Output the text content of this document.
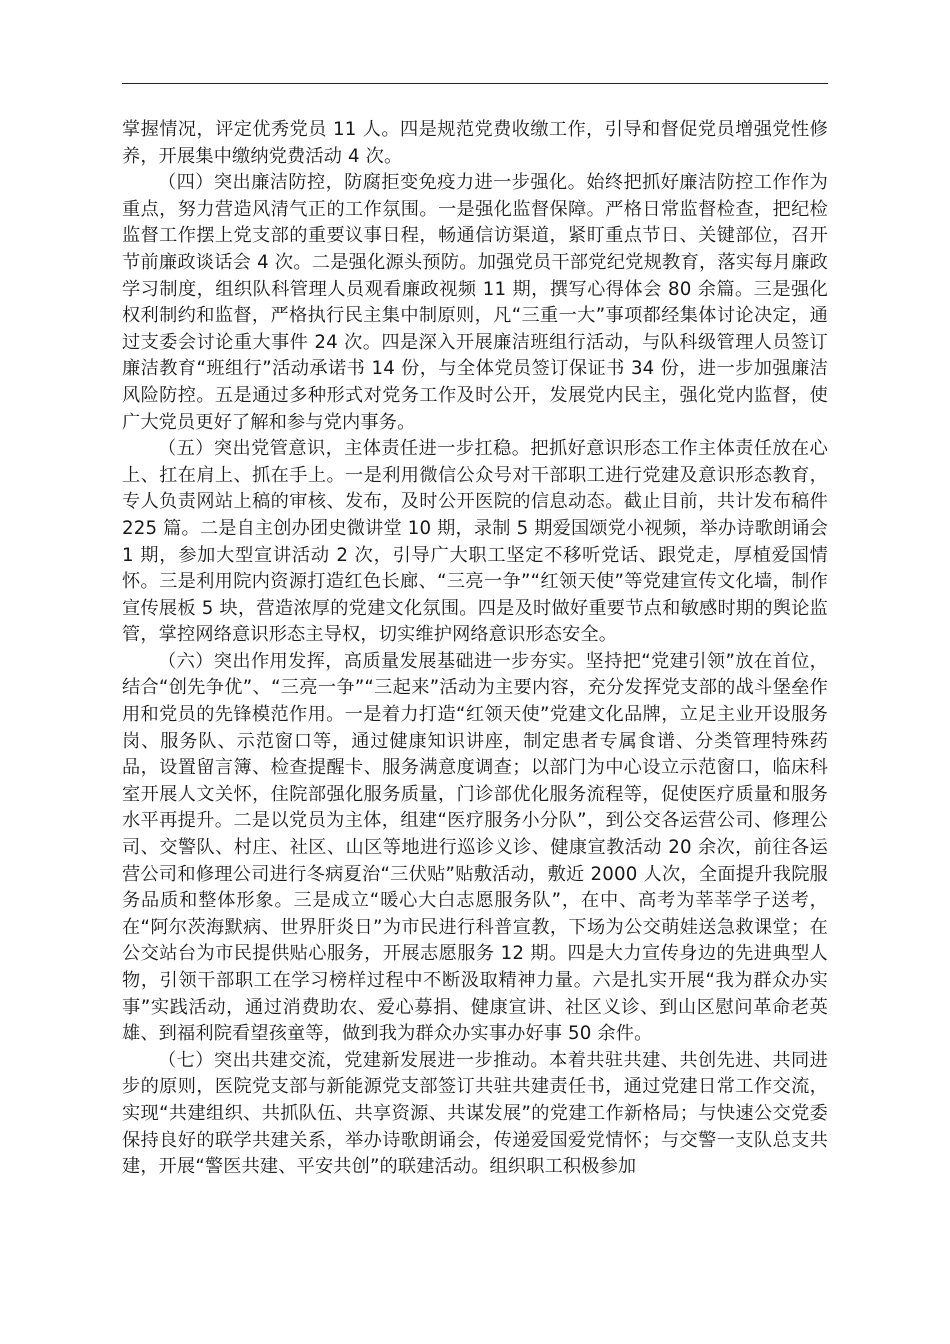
掌握情况，评定优秀党员 11 人。四是规范党费收缴工作，引导和督促党员增强党性修养，开展集中缴纳党费活动 4 次。

（四）突出廉洁防控，防腐拒变免疫力进一步强化。始终把抓好廉洁防控工作作为重点，努力营造风清气正的工作氛围。一是强化监督保障。严格日常监督检查，把纪检监督工作摆上党支部的重要议事日程，畅通信访渠道，紧盯重点节日、关键部位，召开节前廉政谈话会 4 次。二是强化源头预防。加强党员干部党纪党规教育，落实每月廉政学习制度，组织队科管理人员观看廉政视频 11 期，撰写心得体会 80 余篇。三是强化权利制约和监督，严格执行民主集中制原则，凡“三重一大”事项都经集体讨论决定，通过支委会讨论重大事件 24 次。四是深入开展廉洁班组行活动，与队科级管理人员签订廉洁教育“班组行”活动承诺书 14 份，与全体党员签订保证书 34 份，进一步加强廉洁风险防控。五是通过多种形式对党务工作及时公开，发展党内民主，强化党内监督，使广大党员更好了解和参与党内事务。

（五）突出党管意识，主体责任进一步扛稳。把抓好意识形态工作主体责任放在心上、扛在肩上、抓在手上。一是利用微信公众号对干部职工进行党建及意识形态教育，专人负责网站上稿的审核、发布，及时公开医院的信息动态。截止目前，共计发布稿件 225 篇。二是自主创办团史微讲堂 10 期，录制 5 期爱国颂党小视频，举办诗歌朗诵会 1 期，参加大型宣讲活动 2 次，引导广大职工坚定不移听党话、跟党走，厚植爱国情怀。三是利用院内资源打造红色长廊、“三亮一争”“红领天使”等党建宣传文化墙，制作宣传展板 5 块，营造浓厚的党建文化氛围。四是及时做好重要节点和敏感时期的舆论监管，掌控网络意识形态主导权，切实维护网络意识形态安全。

（六）突出作用发挥，高质量发展基础进一步夯实。坚持把“党建引领”放在首位，结合“创先争优”、“三亮一争”“三起来”活动为主要内容，充分发挥党支部的战斗堡垒作用和党员的先锋模范作用。一是着力打造“红领天使”党建文化品牌，立足主业开设服务岗、服务队、示范窗口等，通过健康知识讲座，制定患者专属食谱、分类管理特殊药品，设置留言簿、检查提醒卡、服务满意度调查；以部门为中心设立示范窗口，临床科室开展人文关怀，住院部强化服务质量，门诊部优化服务流程等，促使医疗质量和服务水平再提升。二是以党员为主体，组建“医疗服务小分队”，到公交各运营公司、修理公司、交警队、村庄、社区、山区等地进行巡诊义诊、健康宣教活动 20 余次，前往各运营公司和修理公司进行冬病夏治“三伏贴”贴敷活动，敷近 2000 人次，全面提升我院服务品质和整体形象。三是成立“暖心大白志愿服务队”，在中、高考为莘莘学子送考，在“阿尔茨海默病、世界肝炎日”为市民进行科普宣教，下场为公交萌娃送急救课堂；在公交站台为市民提供贴心服务，开展志愿服务 12 期。四是大力宣传身边的先进典型人物，引领干部职工在学习榜样过程中不断汲取精神力量。六是扎实开展“我为群众办实事”实践活动，通过消费助农、爱心募捐、健康宣讲、社区义诊、到山区慰问革命老英雄、到福利院看望孩童等，做到我为群众办实事办好事 50 余件。

（七）突出共建交流，党建新发展进一步推动。本着共驻共建、共创先进、共同进步的原则，医院党支部与新能源党支部签订共驻共建责任书，通过党建日常工作交流，实现“共建组织、共抓队伍、共享资源、共谋发展”的党建工作新格局；与快速公交党委保持良好的联学共建关系，举办诗歌朗诵会，传递爱国爱党情怀；与交警一支队总支共建，开展“警医共建、平安共创”的联建活动。组织职工积极参加
